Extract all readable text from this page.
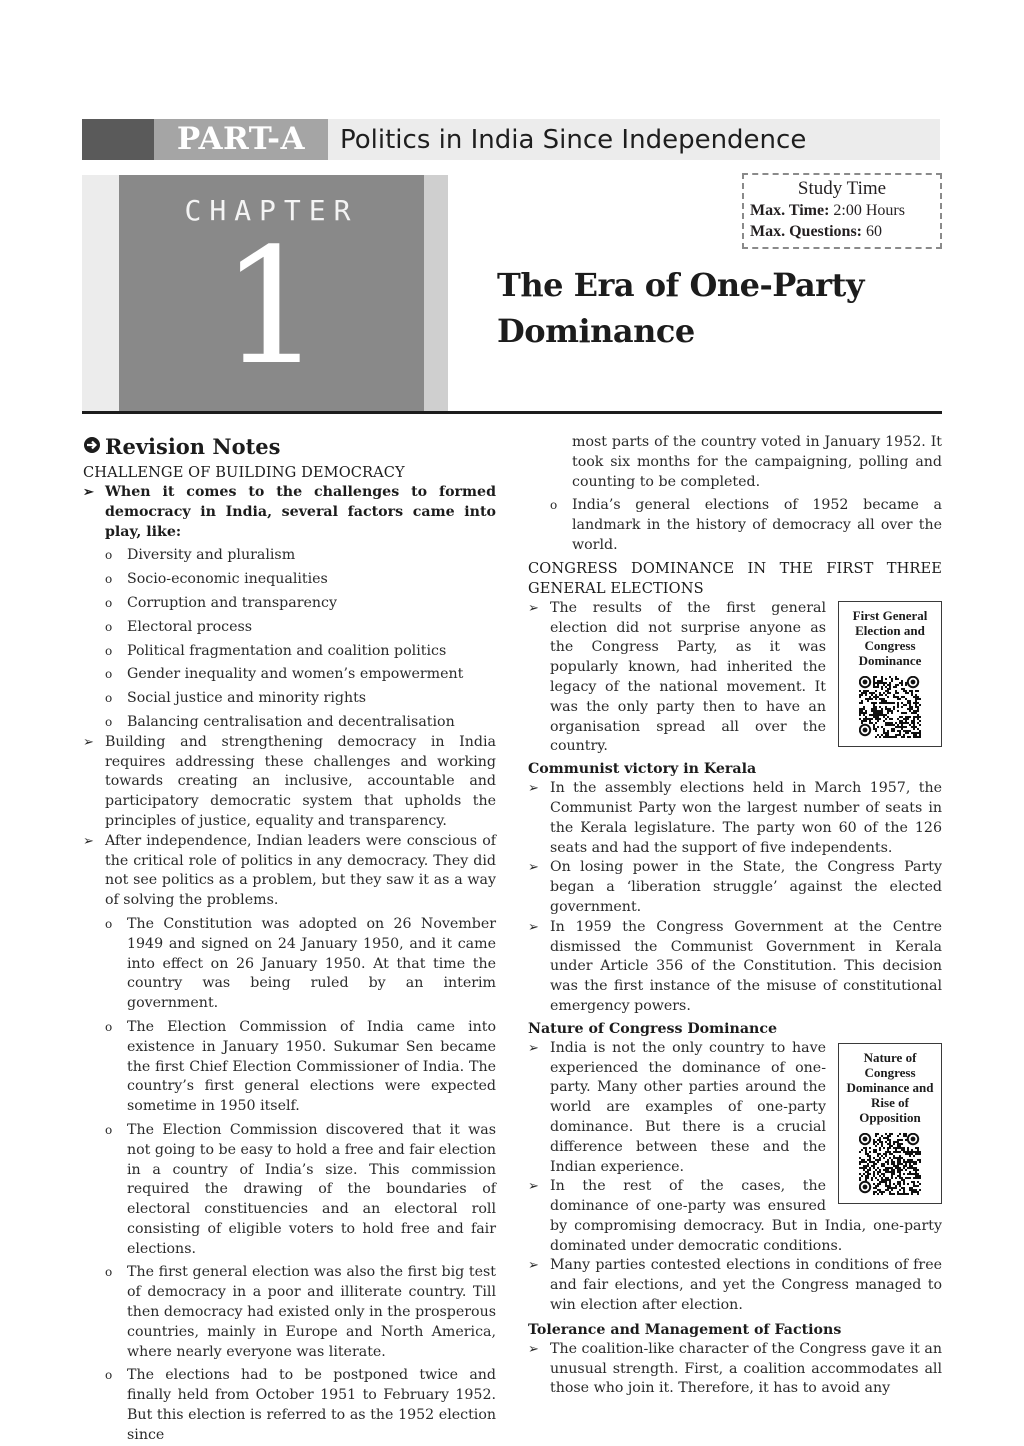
PART-A	Politics in India Since Independence
CHAPTER
1
Study Time
Max. Time: 2:00 Hours
Max. Questions: 60
The Era of One-Party
Dominance
Revision Notes
CHALLENGE OF BUILDING DEMOCRACY
➢ When it comes to the challenges to formed democracy in India, several factors came into play, like:
o Diversity and pluralism
o Socio-economic inequalities
o Corruption and transparency
o Electoral process
o Political fragmentation and coalition politics
o Gender inequality and women’s empowerment
o Social justice and minority rights
o Balancing centralisation and decentralisation
➢ Building and strengthening democracy in India requires addressing these challenges and working towards creating an inclusive, accountable and participatory democratic system that upholds the principles of justice, equality and transparency.
➢ After independence, Indian leaders were conscious of the critical role of politics in any democracy. They did not see politics as a problem, but they saw it as a way of solving the problems.
o The Constitution was adopted on 26 November 1949 and signed on 24 January 1950, and it came into effect on 26 January 1950. At that time the country was being ruled by an interim government.
o The Election Commission of India came into existence in January 1950. Sukumar Sen became the first Chief Election Commissioner of India. The country’s first general elections were expected sometime in 1950 itself.
o The Election Commission discovered that it was not going to be easy to hold a free and fair election in a country of India’s size. This commission required the drawing of the boundaries of electoral constituencies and an electoral roll consisting of eligible voters to hold free and fair elections.
o The first general election was also the first big test of democracy in a poor and illiterate country. Till then democracy had existed only in the prosperous countries, mainly in Europe and North America, where nearly everyone was literate.
o The elections had to be postponed twice and finally held from October 1951 to February 1952. But this election is referred to as the 1952 election since
most parts of the country voted in January 1952. It took six months for the campaigning, polling and counting to be completed.
o India’s general elections of 1952 became a landmark in the history of democracy all over the world.
CONGRESS DOMINANCE IN THE FIRST THREE GENERAL ELECTIONS
First General Election and Congress Dominance
➢ The results of the first general election did not surprise anyone as the Congress Party, as it was popularly known, had inherited the legacy of the national movement. It was the only party then to have an organisation spread all over the country.
Communist victory in Kerala
➢ In the assembly elections held in March 1957, the Communist Party won the largest number of seats in the Kerala legislature. The party won 60 of the 126 seats and had the support of five independents.
➢ On losing power in the State, the Congress Party began a ‘liberation struggle’ against the elected government.
➢ In 1959 the Congress Government at the Centre dismissed the Communist Government in Kerala under Article 356 of the Constitution. This decision was the first instance of the misuse of constitutional emergency powers.
Nature of Congress Dominance
Nature of Congress Dominance and Rise of Opposition
➢ India is not the only country to have experienced the dominance of one-party. Many other parties around the world are examples of one-party dominance. But there is a crucial difference between these and the Indian experience.
➢ In the rest of the cases, the dominance of one-party was ensured by compromising democracy. But in India, one-party dominated under democratic conditions.
➢ Many parties contested elections in conditions of free and fair elections, and yet the Congress managed to win election after election.
Tolerance and Management of Factions
➢ The coalition-like character of the Congress gave it an unusual strength. First, a coalition accommodates all those who join it. Therefore, it has to avoid any
